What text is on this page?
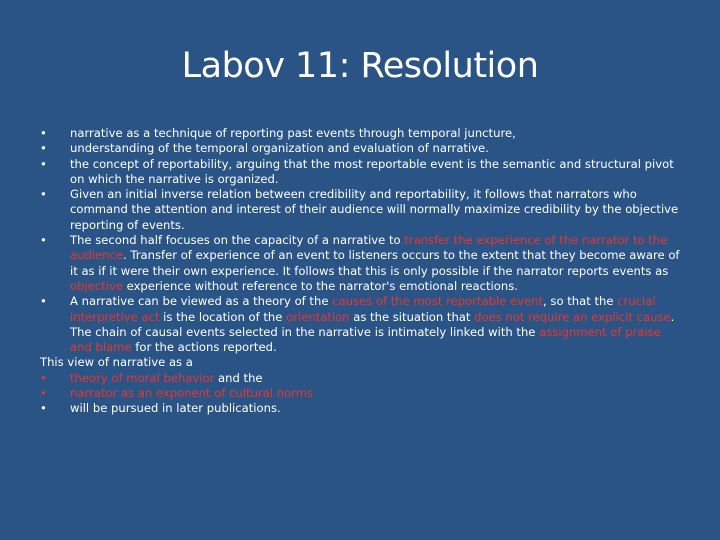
Labov 11: Resolution

• narrative as a technique of reporting past events through temporal juncture,

• understanding of the temporal organization and evaluation of narrative.

• the concept of reportability, arguing that the most reportable event is the semantic and structural pivot on which the narrative is organized.

• Given an initial inverse relation between credibility and reportability, it follows that narrators who command the attention and interest of their audience will normally maximize credibility by the objective reporting of events.

• The second half focuses on the capacity of a narrative to transfer the experience of the narrator to the audience. Transfer of experience of an event to listeners occurs to the extent that they become aware of it as if it were their own experience. It follows that this is only possible if the narrator reports events as objective experience without reference to the narrator's emotional reactions.

• A narrative can be viewed as a theory of the causes of the most reportable event, so that the crucial interpretive act is the location of the orientation as the situation that does not require an explicit cause. The chain of causal events selected in the narrative is intimately linked with the assignment of praise and blame for the actions reported.

This view of narrative as a

• theory of moral behavior and the

• narrator as an exponent of cultural norms

• will be pursued in later publications.
